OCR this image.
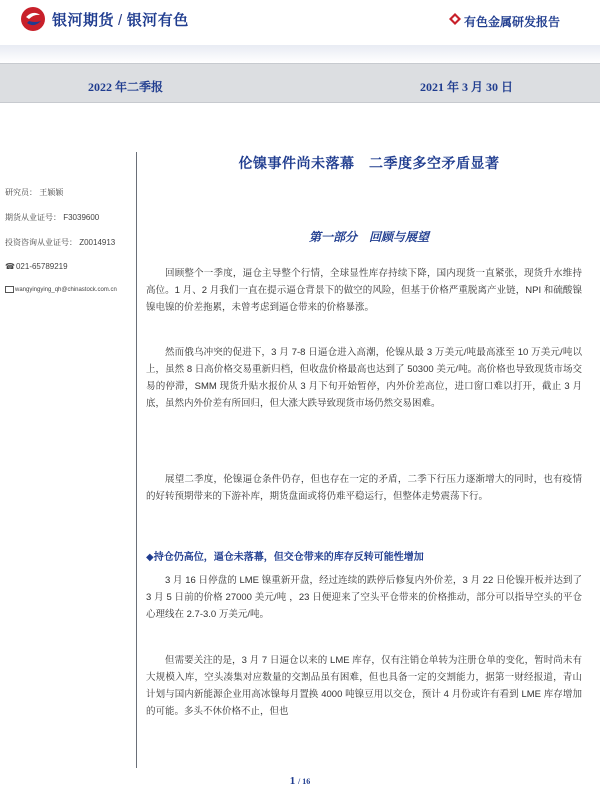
银河期货 / 银河有色	有色金属研发报告
2022 年二季报	2021 年 3 月 30 日
伦镍事件尚未落幕　二季度多空矛盾显著
研究员： 王颖颖
期货从业证号： F3039600
投资咨询从业证号： Z0014913
☎021-65789219
wangyingying_qh@chinastock.com.cn
第一部分　回顾与展望

回顾整个一季度，逼仓主导整个行情，全球显性库存持续下降，国内现货一直紧张，现货升水维持高位。1 月、2 月我们一直在提示逼仓背景下的做空的风险，但基于价格严重脱离产业链，NPI 和硫酸镍镍电镍的价差拖累，未曾考虑到逼仓带来的价格暴涨。

然而俄乌冲突的促进下，3 月 7-8 日逼仓进入高潮，伦镍从最 3 万美元/吨最高涨至 10 万美元/吨以上，虽然 8 日高价格交易重新归档，但收盘价格最高也达到了 50300 美元/吨。高价格也导致现货市场交易的停滞，SMM 现货升贴水报价从 3 月下旬开始暂停，内外价差高位，进口窗口难以打开，截止 3 月底，虽然内外价差有所回归，但大涨大跌导致现货市场仍然交易困难。

展望二季度，伦镍逼仓条件仍存，但也存在一定的矛盾，二季下行压力逐渐增大的同时，也有疫情的好转预期带来的下游补库，期货盘面或将仍难平稳运行，但整体走势震荡下行。

◆持仓仍高位，逼仓未落幕，但交仓带来的库存反转可能性增加

3 月 16 日停盘的 LME 镍重新开盘，经过连续的跌停后修复内外价差，3 月 22 日伦镍开板并达到了 3 月 5 日前的价格 27000 美元/吨 ，23 日便迎来了空头平仓带来的价格推动，部分可以指导空头的平仓心理线在 2.7-3.0 万美元/吨。

但需要关注的是，3 月 7 日逼仓以来的 LME 库存，仅有注销仓单转为注册仓单的变化，暂时尚未有大规模入库，空头凑集对应数量的交割品虽有困难，但也具备一定的交割能力，据第一财经报道，青山计划与国内新能源企业用高冰镍每月置换 4000 吨镍豆用以交仓，预计 4 月份或许有看到 LME 库存增加的可能。多头不休价格不止，但也

1 / 16
